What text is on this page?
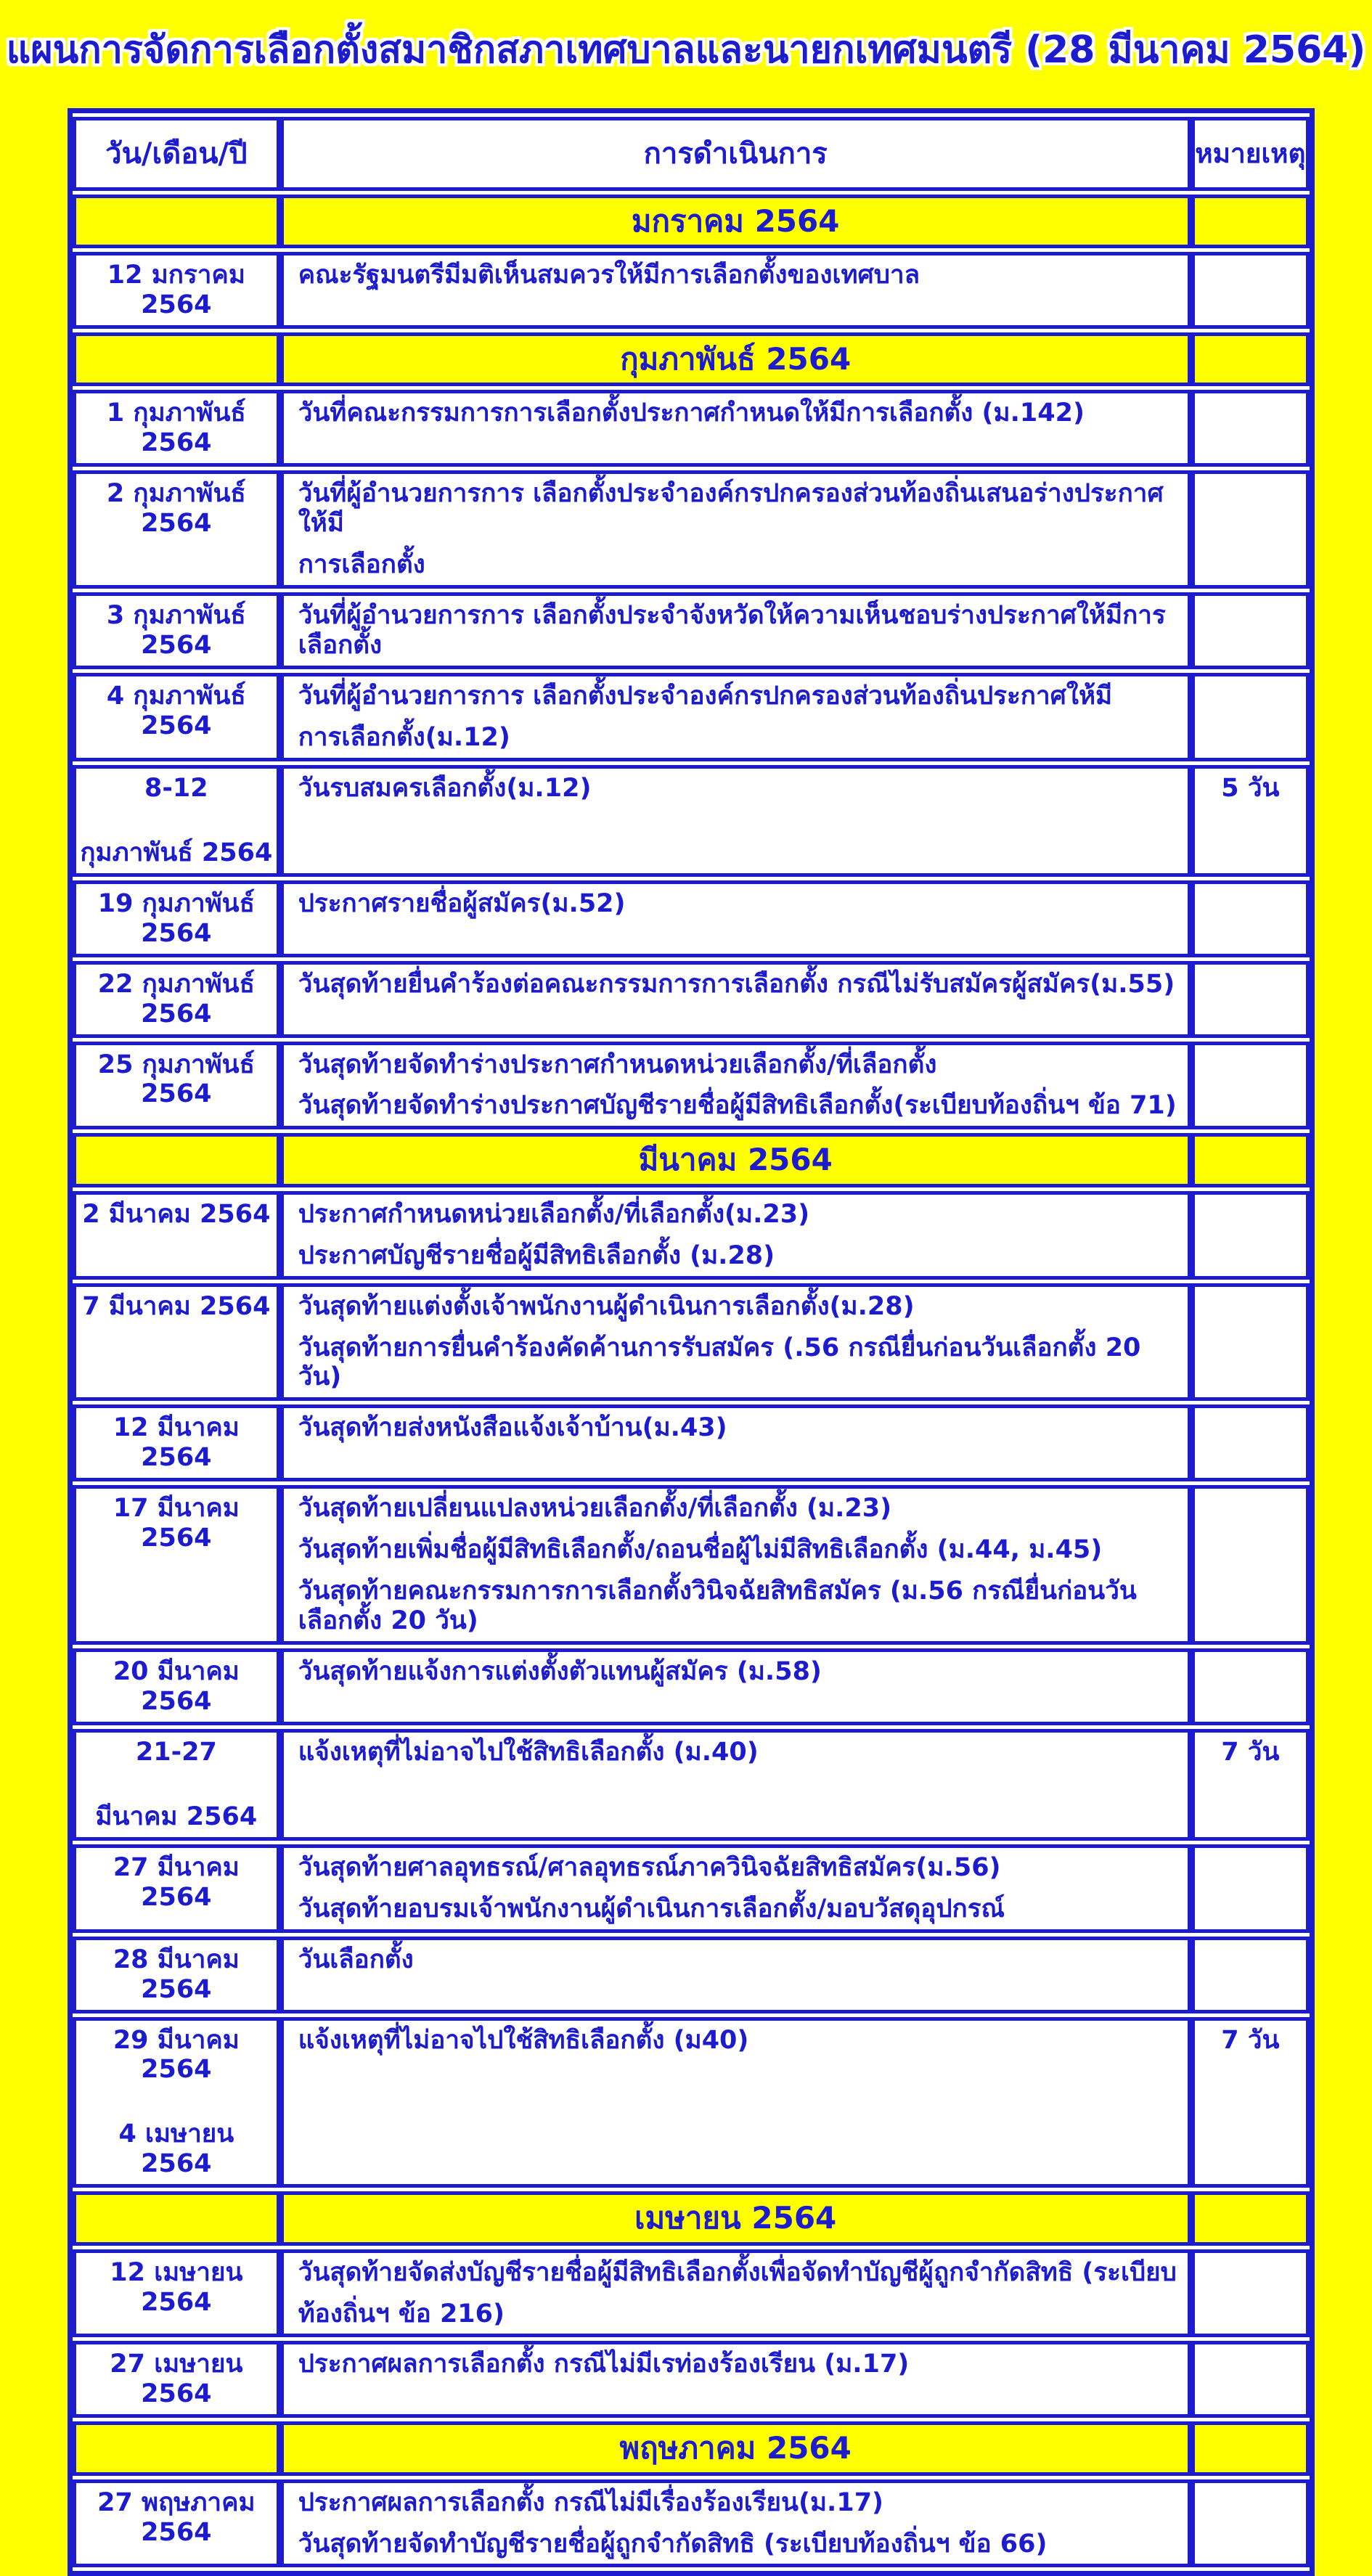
แผนการจัดการเลือกตั้งสมาชิกสภาเทศบาลและนายกเทศมนตรี (28 มีนาคม 2564)
วัน/เดือน/ปี	การดำเนินการ	หมายเหตุ
	มกราคม 2564	

12 มกราคม 2564	คณะรัฐมนตรีมีมติเห็นสมควรให้มีการเลือกตั้งของเทศบาล	

	กุมภาพันธ์ 2564	

1 กุมภาพันธ์ 2564	วันที่คณะกรรมการการเลือกตั้งประกาศกำหนดให้มีการเลือกตั้ง (ม.142)	

2 กุมภาพันธ์ 2564	วันที่ผู้อำนวยการการ เลือกตั้งประจำองค์กรปกครองส่วนท้องถิ่นเสนอร่างประกาศให้มี
การเลือกตั้ง	

3 กุมภาพันธ์ 2564	วันที่ผู้อำนวยการการ เลือกตั้งประจำจังหวัดให้ความเห็นชอบร่างประกาศให้มีการเลือกตั้ง	

4 กุมภาพันธ์ 2564	วันที่ผู้อำนวยการการ เลือกตั้งประจำองค์กรปกครองส่วนท้องถิ่นประกาศให้มี
การเลือกตั้ง(ม.12)	

8-12
กุมภาพันธ์ 2564	วันรบสมครเลือกตั้ง(ม.12)	5 วัน

19 กุมภาพันธ์ 2564	ประกาศรายชื่อผู้สมัคร(ม.52)	

22 กุมภาพันธ์ 2564	วันสุดท้ายยื่นคำร้องต่อคณะกรรมการการเลือกตั้ง กรณีไม่รับสมัครผู้สมัคร(ม.55)	

25 กุมภาพันธ์ 2564	วันสุดท้ายจัดทำร่างประกาศกำหนดหน่วยเลือกตั้ง/ที่เลือกตั้ง
วันสุดท้ายจัดทำร่างประกาศบัญชีรายชื่อผู้มีสิทธิเลือกตั้ง(ระเบียบท้องถิ่นฯ ข้อ 71)	

	มีนาคม 2564	

2 มีนาคม 2564	ประกาศกำหนดหน่วยเลือกตั้ง/ที่เลือกตั้ง(ม.23)
ประกาศบัญชีรายชื่อผู้มีสิทธิเลือกตั้ง (ม.28)	

7 มีนาคม 2564	วันสุดท้ายแต่งตั้งเจ้าพนักงานผู้ดำเนินการเลือกตั้ง(ม.28)
วันสุดท้ายการยื่นคำร้องคัดค้านการรับสมัคร (.56 กรณียื่นก่อนวันเลือกตั้ง 20 วัน)	

12 มีนาคม 2564	วันสุดท้ายส่งหนังสือแจ้งเจ้าบ้าน(ม.43)	

17 มีนาคม 2564	วันสุดท้ายเปลี่ยนแปลงหน่วยเลือกตั้ง/ที่เลือกตั้ง (ม.23)
วันสุดท้ายเพิ่มชื่อผู้มีสิทธิเลือกตั้ง/ถอนชื่อผู้ไม่มีสิทธิเลือกตั้ง (ม.44, ม.45)
วันสุดท้ายคณะกรรมการการเลือกตั้งวินิจฉัยสิทธิสมัคร (ม.56 กรณียื่นก่อนวันเลือกตั้ง 20 วัน)	

20 มีนาคม 2564	วันสุดท้ายแจ้งการแต่งตั้งตัวแทนผู้สมัคร (ม.58)	

21-27
มีนาคม 2564	แจ้งเหตุที่ไม่อาจไปใช้สิทธิเลือกตั้ง (ม.40)	7 วัน

27 มีนาคม 2564	วันสุดท้ายศาลอุทธรณ์/ศาลอุทธรณ์ภาควินิจฉัยสิทธิสมัคร(ม.56)
วันสุดท้ายอบรมเจ้าพนักงานผู้ดำเนินการเลือกตั้ง/มอบวัสดุอุปกรณ์	

28 มีนาคม 2564	วันเลือกตั้ง	

29 มีนาคม 2564
4 เมษายน 2564	แจ้งเหตุที่ไม่อาจไปใช้สิทธิเลือกตั้ง (ม40)	7 วัน

	เมษายน 2564	

12 เมษายน 2564	วันสุดท้ายจัดส่งบัญชีรายชื่อผู้มีสิทธิเลือกตั้งเพื่อจัดทำบัญชีผู้ถูกจำกัดสิทธิ (ระเบียบ
ท้องถิ่นฯ ข้อ 216)	

27 เมษายน 2564	ประกาศผลการเลือกตั้ง กรณีไม่มีเรท่องร้องเรียน (ม.17)	

	พฤษภาคม 2564	

27 พฤษภาคม 2564	ประกาศผลการเลือกตั้ง กรณีไม่มีเรื่องร้องเรียน(ม.17)
วันสุดท้ายจัดทำบัญชีรายชื่อผู้ถูกจำกัดสิทธิ (ระเบียบท้องถิ่นฯ ข้อ 66)	
